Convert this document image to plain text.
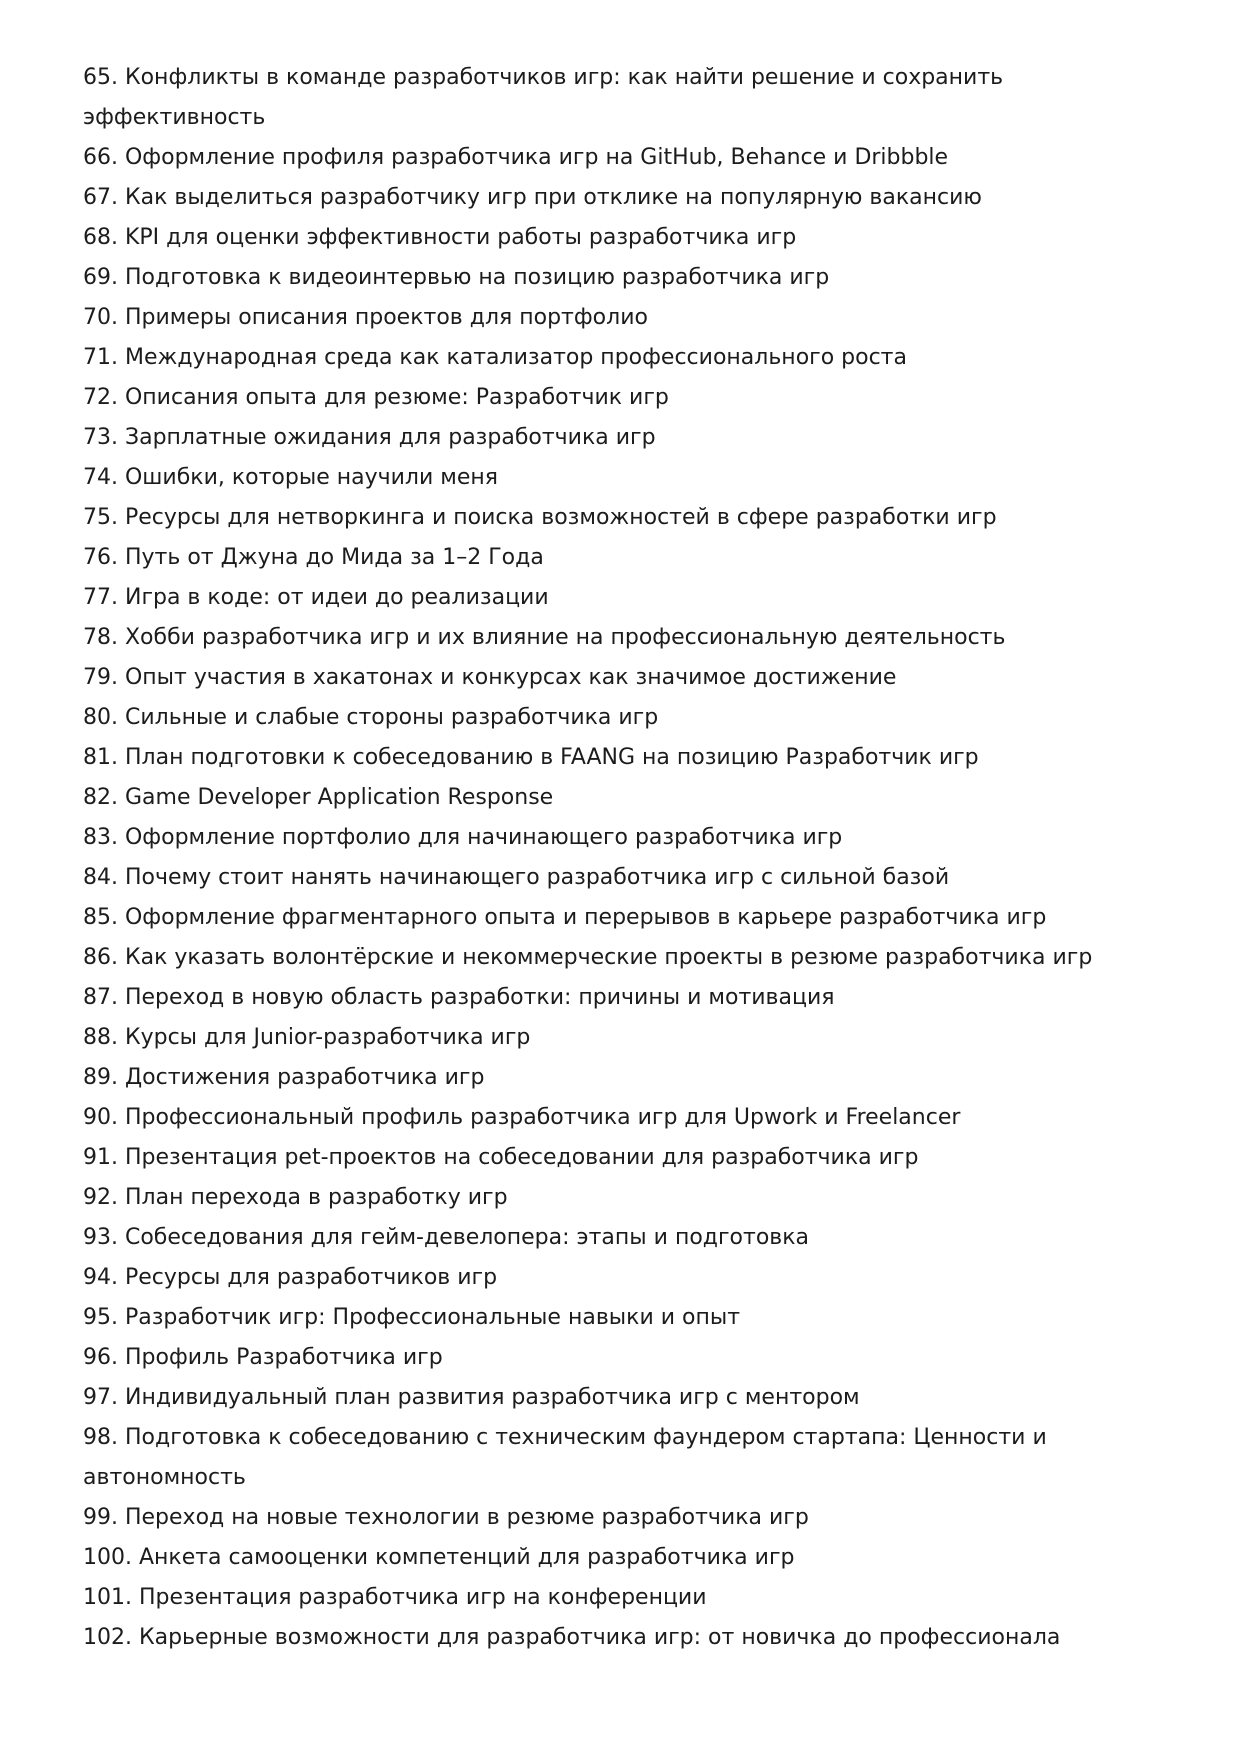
65. Конфликты в команде разработчиков игр: как найти решение и сохранить эффективность
66. Оформление профиля разработчика игр на GitHub, Behance и Dribbble
67. Как выделиться разработчику игр при отклике на популярную вакансию
68. KPI для оценки эффективности работы разработчика игр
69. Подготовка к видеоинтервью на позицию разработчика игр
70. Примеры описания проектов для портфолио
71. Международная среда как катализатор профессионального роста
72. Описания опыта для резюме: Разработчик игр
73. Зарплатные ожидания для разработчика игр
74. Ошибки, которые научили меня
75. Ресурсы для нетворкинга и поиска возможностей в сфере разработки игр
76. Путь от Джуна до Мида за 1–2 Года
77. Игра в коде: от идеи до реализации
78. Хобби разработчика игр и их влияние на профессиональную деятельность
79. Опыт участия в хакатонах и конкурсах как значимое достижение
80. Сильные и слабые стороны разработчика игр
81. План подготовки к собеседованию в FAANG на позицию Разработчик игр
82. Game Developer Application Response
83. Оформление портфолио для начинающего разработчика игр
84. Почему стоит нанять начинающего разработчика игр с сильной базой
85. Оформление фрагментарного опыта и перерывов в карьере разработчика игр
86. Как указать волонтёрские и некоммерческие проекты в резюме разработчика игр
87. Переход в новую область разработки: причины и мотивация
88. Курсы для Junior-разработчика игр
89. Достижения разработчика игр
90. Профессиональный профиль разработчика игр для Upwork и Freelancer
91. Презентация pet-проектов на собеседовании для разработчика игр
92. План перехода в разработку игр
93. Собеседования для гейм-девелопера: этапы и подготовка
94. Ресурсы для разработчиков игр
95. Разработчик игр: Профессиональные навыки и опыт
96. Профиль Разработчика игр
97. Индивидуальный план развития разработчика игр с ментором
98. Подготовка к собеседованию с техническим фаундером стартапа: Ценности и автономность
99. Переход на новые технологии в резюме разработчика игр
100. Анкета самооценки компетенций для разработчика игр
101. Презентация разработчика игр на конференции
102. Карьерные возможности для разработчика игр: от новичка до профессионала
